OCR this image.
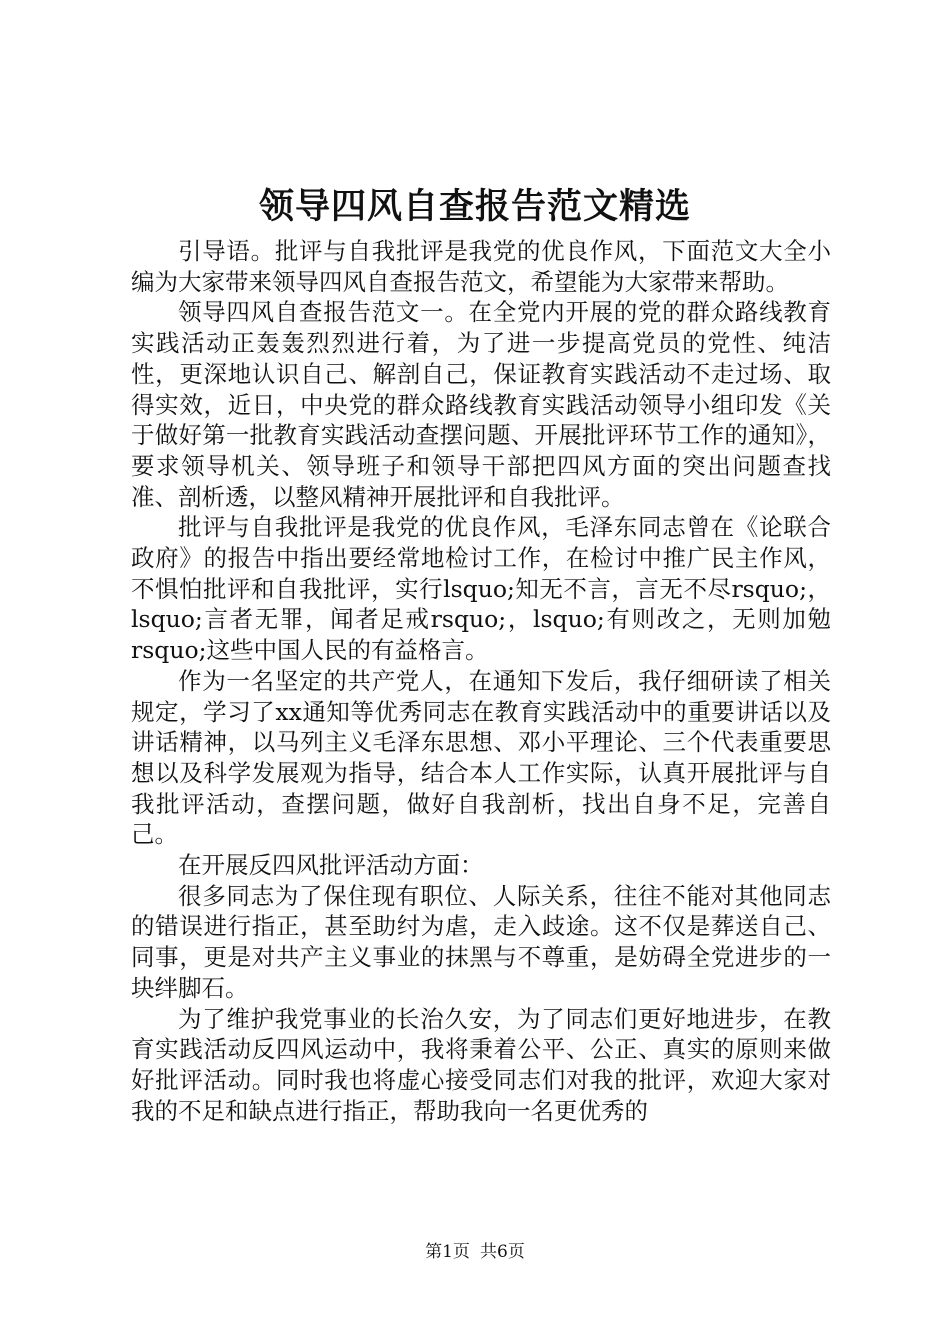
领导四风自查报告范文精选

引导语。批评与自我批评是我党的优良作风，下面范文大全小编为大家带来领导四风自查报告范文，希望能为大家带来帮助。

领导四风自查报告范文一。在全党内开展的党的群众路线教育实践活动正轰轰烈烈进行着，为了进一步提高党员的党性、纯洁性，更深地认识自己、解剖自己，保证教育实践活动不走过场、取得实效，近日，中央党的群众路线教育实践活动领导小组印发《关于做好第一批教育实践活动查摆问题、开展批评环节工作的通知》，要求领导机关、领导班子和领导干部把四风方面的突出问题查找准、剖析透，以整风精神开展批评和自我批评。

批评与自我批评是我党的优良作风，毛泽东同志曾在《论联合政府》的报告中指出要经常地检讨工作，在检讨中推广民主作风，不惧怕批评和自我批评，实行lsquo;知无不言，言无不尽rsquo;，lsquo;言者无罪，闻者足戒rsquo;，lsquo;有则改之，无则加勉rsquo;这些中国人民的有益格言。

作为一名坚定的共产党人，在通知下发后，我仔细研读了相关规定，学习了xx通知等优秀同志在教育实践活动中的重要讲话以及讲话精神，以马列主义毛泽东思想、邓小平理论、三个代表重要思想以及科学发展观为指导，结合本人工作实际，认真开展批评与自我批评活动，查摆问题，做好自我剖析，找出自身不足，完善自己。

在开展反四风批评活动方面：

很多同志为了保住现有职位、人际关系，往往不能对其他同志的错误进行指正，甚至助纣为虐，走入歧途。这不仅是葬送自己、同事，更是对共产主义事业的抹黑与不尊重，是妨碍全党进步的一块绊脚石。

为了维护我党事业的长治久安，为了同志们更好地进步，在教育实践活动反四风运动中，我将秉着公平、公正、真实的原则来做好批评活动。同时我也将虚心接受同志们对我的批评，欢迎大家对我的不足和缺点进行指正，帮助我向一名更优秀的

第1页 共6页
